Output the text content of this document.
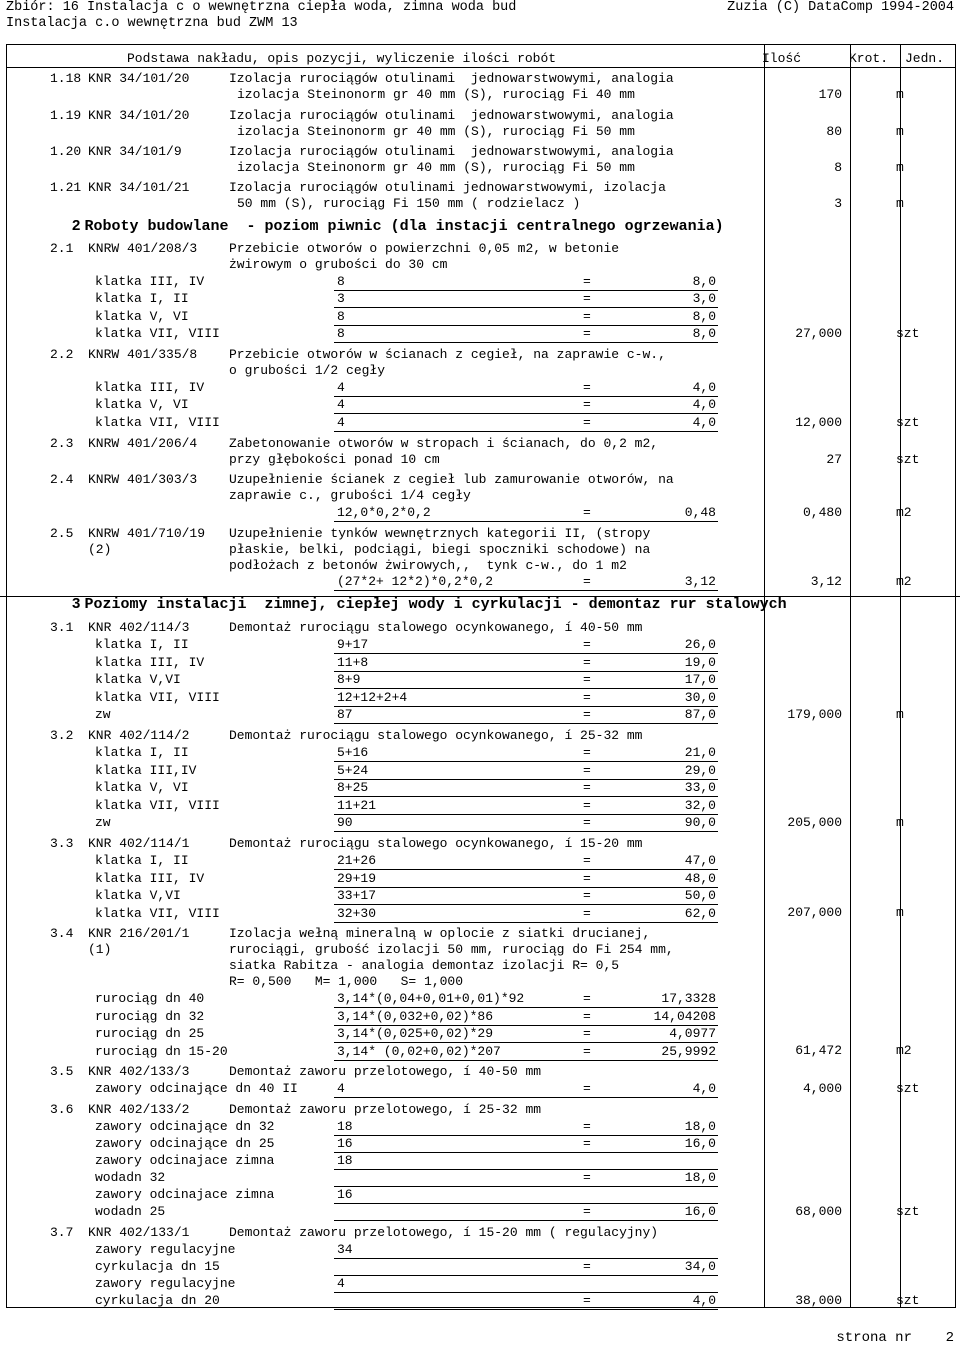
Zbiór: 16 Instalacja c o wewnętrzna ciepła woda, zimna woda bud	Zuzia (C) DataComp 1994-2004
Instalacja c.o wewnętrzna bud ZWM 13
Podstawa nakładu, opis pozycji, wyliczenie ilości robót	Ilość	Krot. Jedn.
1.18 KNR 34/101/20	Izolacja rurociągów otulinami  jednowarstwowymi, analogia
izolacja Steinonorm gr 40 mm (S), rurociąg Fi 40 mm	170	m
1.19 KNR 34/101/20	Izolacja rurociągów otulinami  jednowarstwowymi, analogia
izolacja Steinonorm gr 40 mm (S), rurociąg Fi 50 mm	80	m
1.20 KNR 34/101/9	Izolacja rurociągów otulinami  jednowarstwowymi, analogia
izolacja Steinonorm gr 40 mm (S), rurociąg Fi 50 mm	8	m
1.21 KNR 34/101/21	Izolacja rurociągów otulinami jednowarstwowymi, izolacja
50 mm (S), rurociąg Fi 150 mm ( rodzielacz )	3	m
2 Roboty budowlane  - poziom piwnic (dla instacji centralnego ogrzewania)
2.1 KNRW 401/208/3 Przebicie otworów o powierzchni 0,05 m2, w betonie
żwirowym o grubości do 30 cm
klatka III, IV	8	=	8,0
klatka I, II	3	=	3,0
klatka V, VI	8	=	8,0
klatka VII, VIII	8	=	8,0	27,000	szt
2.2 KNRW 401/335/8 Przebicie otworów w ścianach z cegieł, na zaprawie c-w.,
o grubości 1/2 cegły
klatka III, IV	4	=	4,0
klatka V, VI	4	=	4,0
klatka VII, VIII	4	=	4,0	12,000	szt
2.3 KNRW 401/206/4 Zabetonowanie otworów w stropach i ścianach, do 0,2 m2,
przy głębokości ponad 10 cm	27	szt
2.4 KNRW 401/303/3 Uzupełnienie ścianek z cegieł lub zamurowanie otworów, na
zaprawie c., grubości 1/4 cegły
12,0*0,2*0,2	=	0,48	0,480	m2
2.5 KNRW 401/710/19
(2)
Uzupełnienie tynków wewnętrznych kategorii II, (stropy
płaskie, belki, podciągi, biegi spoczniki schodowe) na
podłożach z betonów żwirowych,,  tynk c-w., do 1 m2
(27*2+ 12*2)*0,2*0,2	=	3,12	3,12	m2
3 Poziomy instalacji  zimnej, ciepłej wody i cyrkulacji - demontaz rur stalowych
3.1 KNR 402/114/3	Demontaż rurociągu stalowego ocynkowanego, í 40-50 mm
klatka I, II	9+17	=	26,0
klatka III, IV	11+8	=	19,0
klatka V,VI	8+9	=	17,0
klatka VII, VIII	12+12+2+4	=	30,0
zw	87	=	87,0	179,000	m
3.2 KNR 402/114/2	Demontaż rurociągu stalowego ocynkowanego, í 25-32 mm
klatka I, II	5+16	=	21,0
klatka III,IV	5+24	=	29,0
klatka V, VI	8+25	=	33,0
klatka VII, VIII	11+21	=	32,0
zw	90	=	90,0	205,000	m
3.3 KNR 402/114/1	Demontaż rurociągu stalowego ocynkowanego, í 15-20 mm
klatka I, II	21+26	=	47,0
klatka III, IV	29+19	=	48,0
klatka V,VI	33+17	=	50,0
klatka VII, VIII	32+30	=	62,0	207,000	m
3.4 KNR 216/201/1
(1)
Izolacja wełną mineralną w oplocie z siatki drucianej,
rurociągi, grubość izolacji 50 mm, rurociąg do Fi 254 mm,
siatka Rabitza - analogia demontaz izolacji R= 0,5
R= 0,500   M= 1,000   S= 1,000
rurociąg dn 40	3,14*(0,04+0,01+0,01)*92	=	17,3328
rurociąg dn 32	3,14*(0,032+0,02)*86	=	14,04208
rurociąg dn 25	3,14*(0,025+0,02)*29	=	4,0977
rurociąg dn 15-20	3,14* (0,02+0,02)*207	=	25,9992	61,472	m2
3.5 KNR 402/133/3	Demontaż zaworu przelotowego, í 40-50 mm
zawory odcinające dn 40 II	4	=	4,0	4,000	szt
3.6 KNR 402/133/2	Demontaż zaworu przelotowego, í 25-32 mm
zawory odcinające dn 32	18	=	18,0
zawory odcinające dn 25	16	=	16,0
zawory odcinajace zimna	18
wodadn 32	=	18,0
zawory odcinajace zimna	16
wodadn 25	=	16,0	68,000	szt
3.7 KNR 402/133/1	Demontaż zaworu przelotowego, í 15-20 mm ( regulacyjny)
zawory regulacyjne	34
cyrkulacja dn 15	=	34,0
zawory regulacyjne	4
cyrkulacja dn 20	=	4,0	38,000	szt
strona nr 2
